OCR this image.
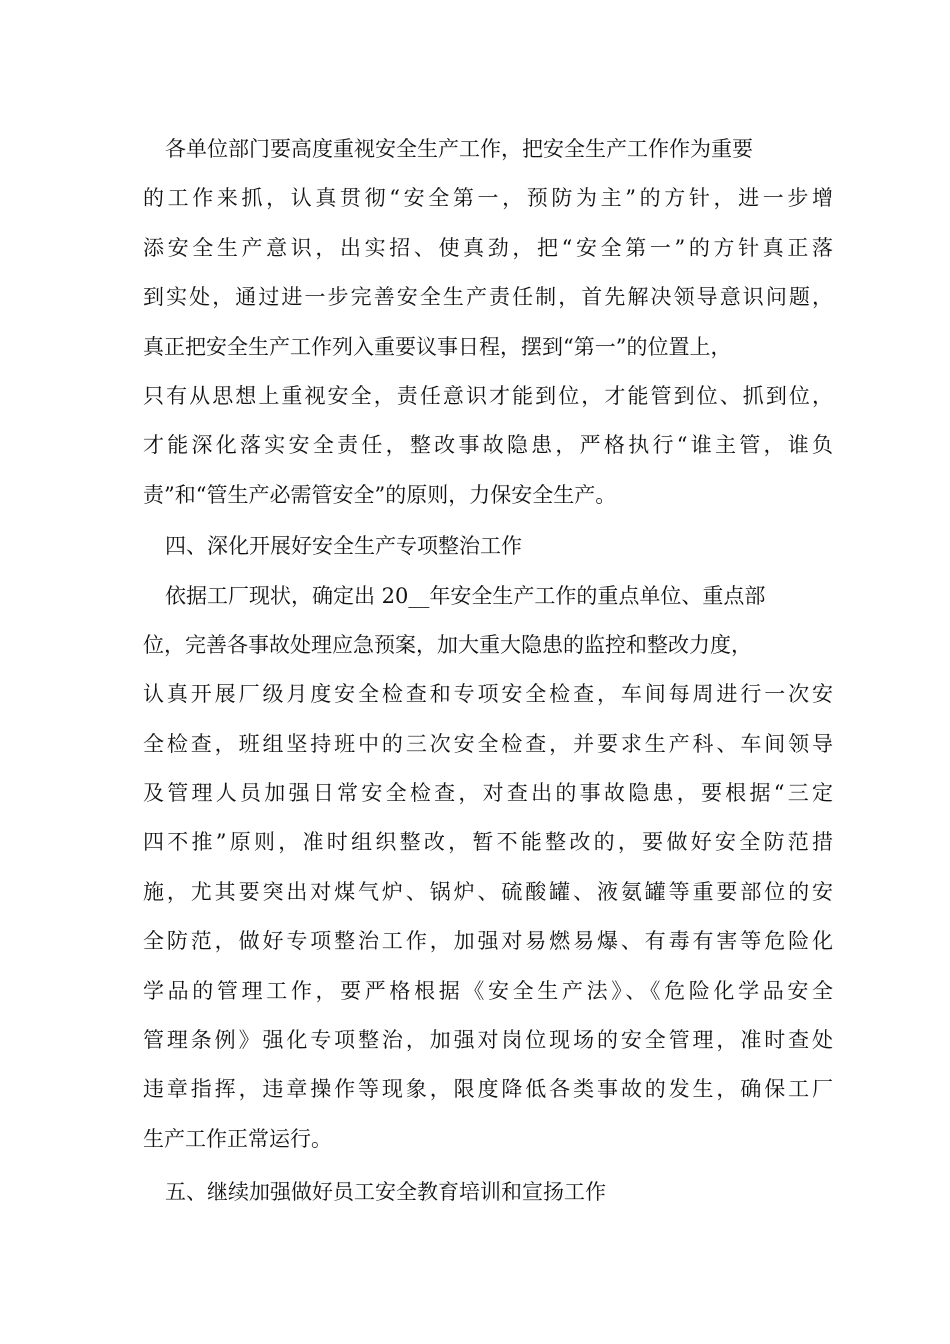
各单位部门要高度重视安全生产工作，把安全生产工作作为重要
的工作来抓，认真贯彻“安全第一，预防为主”的方针，进一步增
添安全生产意识，出实招、使真劲，把“安全第一”的方针真正落
到实处，通过进一步完善安全生产责任制，首先解决领导意识问题，
真正把安全生产工作列入重要议事日程，摆到“第一”的位置上，
只有从思想上重视安全，责任意识才能到位，才能管到位、抓到位，
才能深化落实安全责任，整改事故隐患，严格执行“谁主管，谁负
责”和“管生产必需管安全”的原则，力保安全生产。
四、深化开展好安全生产专项整治工作
依据工厂现状，确定出 20__年安全生产工作的重点单位、重点部
位，完善各事故处理应急预案，加大重大隐患的监控和整改力度，
认真开展厂级月度安全检查和专项安全检查，车间每周进行一次安
全检查，班组坚持班中的三次安全检查，并要求生产科、车间领导
及管理人员加强日常安全检查，对查出的事故隐患，要根据“三定
四不推”原则，准时组织整改，暂不能整改的，要做好安全防范措
施，尤其要突出对煤气炉、锅炉、硫酸罐、液氨罐等重要部位的安
全防范，做好专项整治工作，加强对易燃易爆、有毒有害等危险化
学品的管理工作，要严格根据《安全生产法》、《危险化学品安全
管理条例》强化专项整治，加强对岗位现场的安全管理，准时查处
违章指挥，违章操作等现象，限度降低各类事故的发生，确保工厂
生产工作正常运行。
五、继续加强做好员工安全教育培训和宣扬工作
